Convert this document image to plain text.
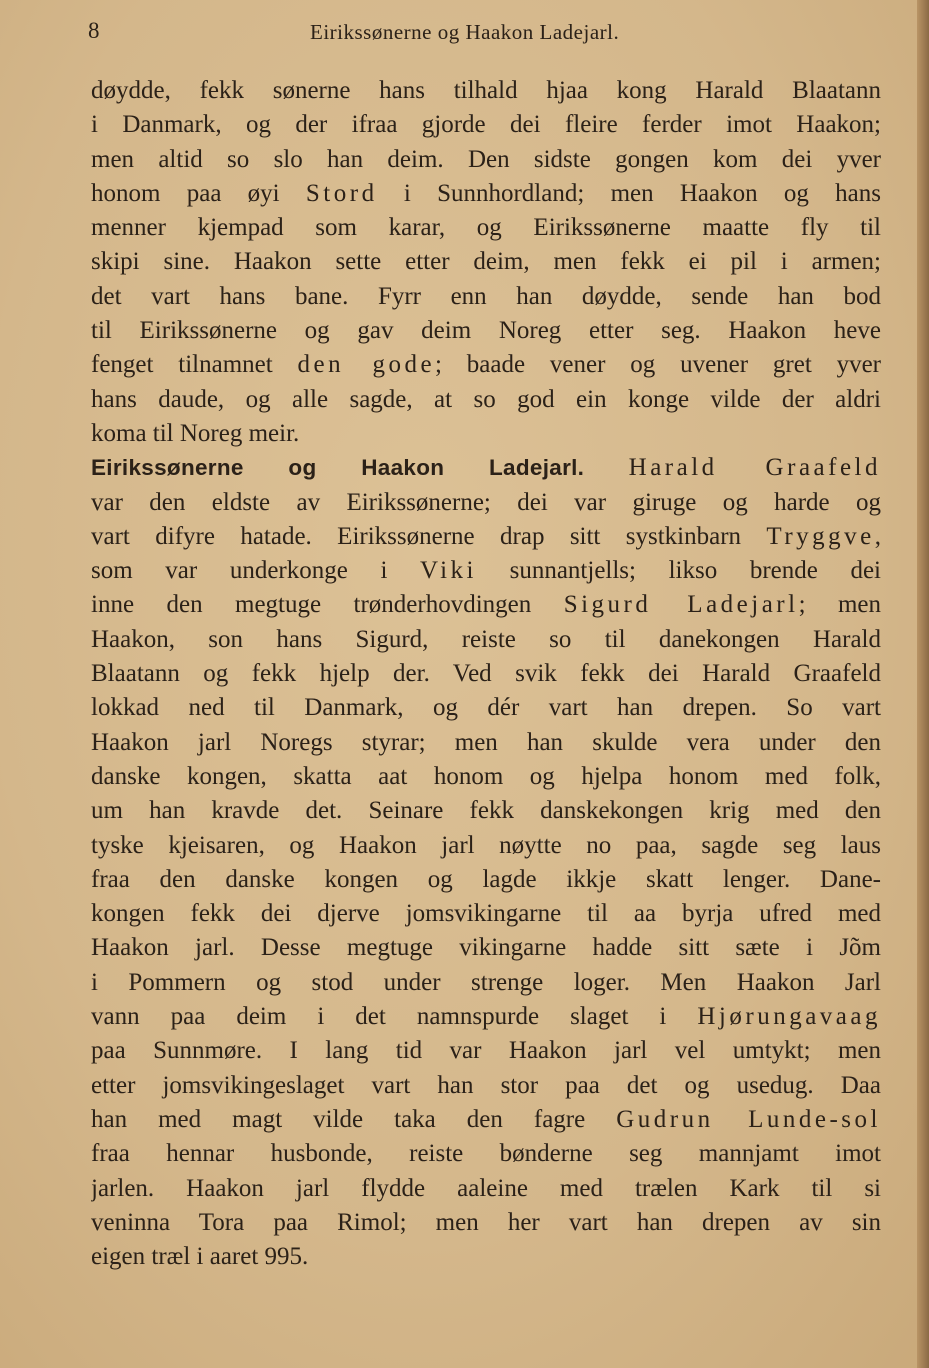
8	Eirikssønerne og Haakon Ladejarl.
døydde, fekk sønerne hans tilhald hjaa kong Harald Blaatann
i Danmark, og der ifraa gjorde dei fleire ferder imot Haakon;
men altid so slo han deim. Den sidste gongen kom dei yver
honom paa øyi Stord i Sunnhordland; men Haakon og hans
menner kjempad som karar, og Eirikssønerne maatte fly til
skipi sine. Haakon sette etter deim, men fekk ei pil i armen;
det vart hans bane. Fyrr enn han døydde, sende han bod
til Eirikssønerne og gav deim Noreg etter seg. Haakon heve
fenget tilnamnet den gode; baade vener og uvener gret yver
hans daude, og alle sagde, at so god ein konge vilde der aldri
koma til Noreg meir.
Eirikssønerne og Haakon Ladejarl. Harald Graafeld
var den eldste av Eirikssønerne; dei var giruge og harde og
vart difyre hatade. Eirikssønerne drap sitt systkinbarn Tryggve,
som var underkonge i Viki sunnantjells; likso brende dei
inne den megtuge trønderhovdingen Sigurd Ladejarl; men
Haakon, son hans Sigurd, reiste so til danekongen Harald
Blaatann og fekk hjelp der. Ved svik fekk dei Harald Graafeld
lokkad ned til Danmark, og dér vart han drepen. So vart
Haakon jarl Noregs styrar; men han skulde vera under den
danske kongen, skatta aat honom og hjelpa honom med folk,
um han kravde det. Seinare fekk danskekongen krig med den
tyske kjeisaren, og Haakon jarl nøytte no paa, sagde seg laus
fraa den danske kongen og lagde ikkje skatt lenger. Dane-
kongen fekk dei djerve jomsvikingarne til aa byrja ufred med
Haakon jarl. Desse megtuge vikingarne hadde sitt sæte i Jõm
i Pommern og stod under strenge loger. Men Haakon Jarl
vann paa deim i det namnspurde slaget i Hjørungavaag
paa Sunnmøre. I lang tid var Haakon jarl vel umtykt; men
etter jomsvikingeslaget vart han stor paa det og usedug. Daa
han med magt vilde taka den fagre Gudrun Lunde-sol
fraa hennar husbonde, reiste bønderne seg mannjamt imot
jarlen. Haakon jarl flydde aaleine med trælen Kark til si
veninna Tora paa Rimol; men her vart han drepen av sin
eigen træl i aaret 995.
